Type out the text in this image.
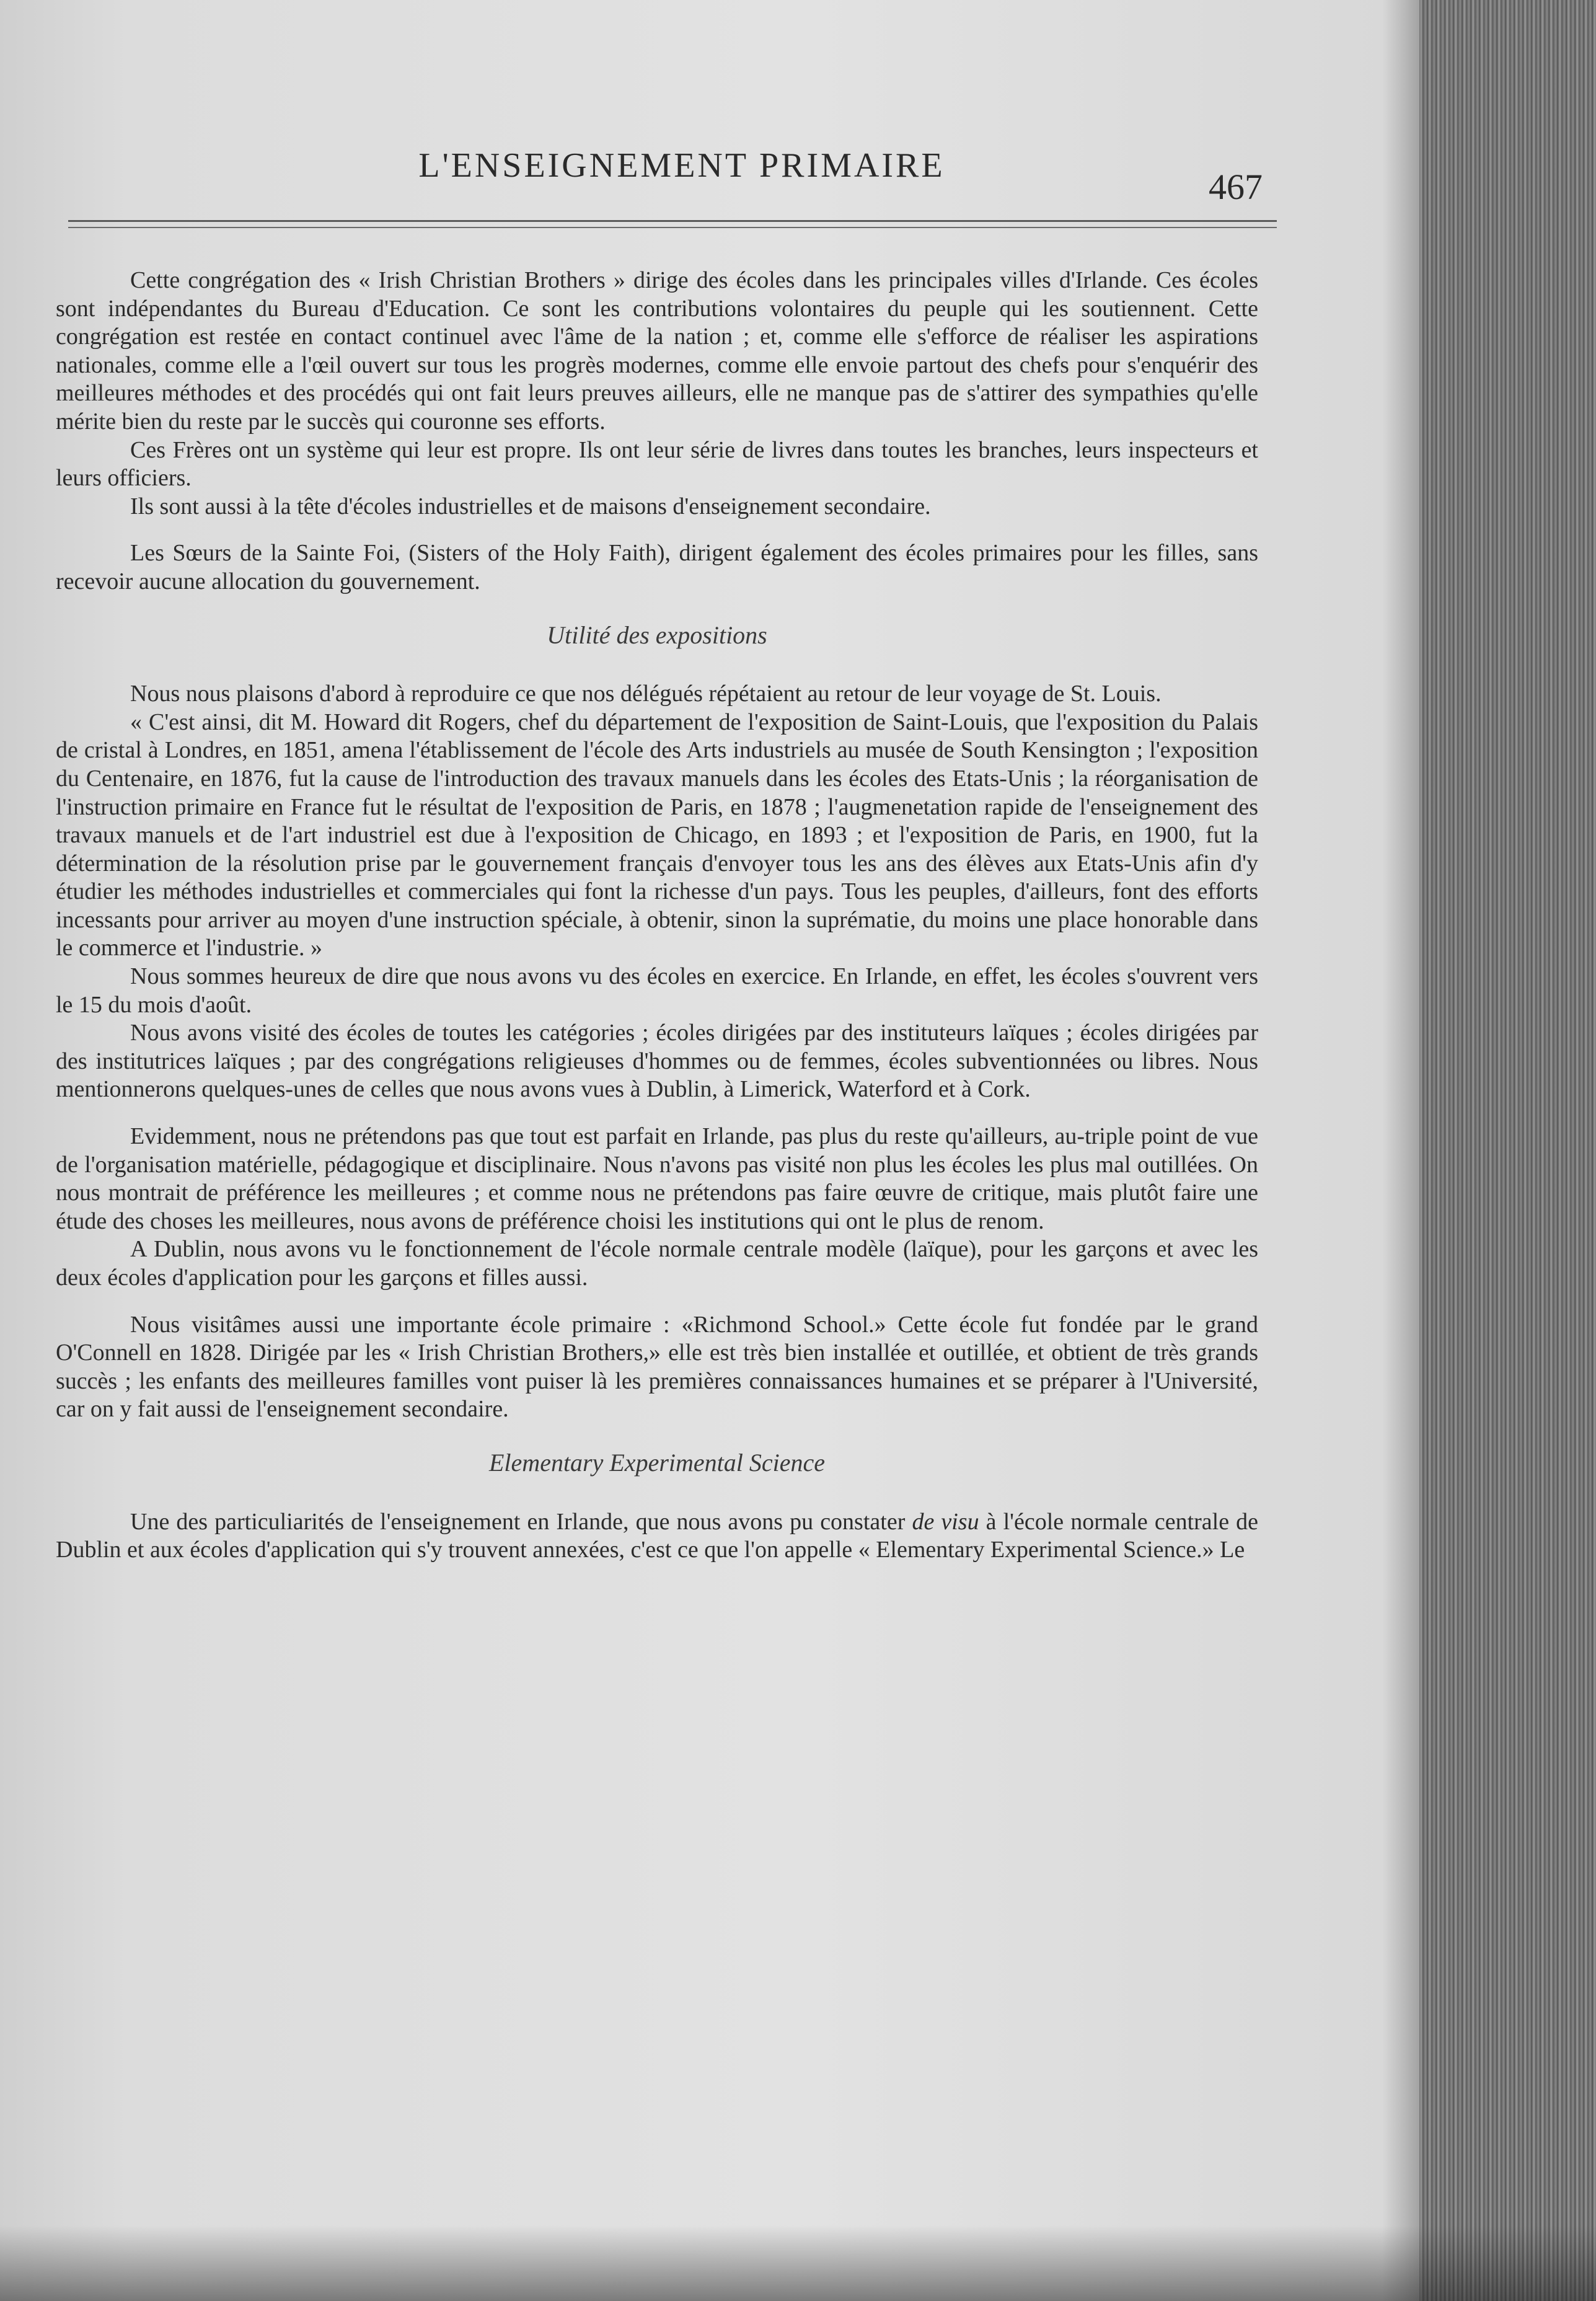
L'ENSEIGNEMENT PRIMAIRE
467

Cette congrégation des « Irish Christian Brothers » dirige des écoles dans les principales villes d'Irlande. Ces écoles sont indépendantes du Bureau d'Education. Ce sont les contributions volontaires du peuple qui les soutiennent. Cette congrégation est restée en contact continuel avec l'âme de la nation ; et, comme elle s'efforce de réaliser les aspirations nationales, comme elle a l'œil ouvert sur tous les progrès modernes, comme elle envoie partout des chefs pour s'enquérir des meilleures méthodes et des procédés qui ont fait leurs preuves ailleurs, elle ne manque pas de s'attirer des sympathies qu'elle mérite bien du reste par le succès qui couronne ses efforts.

Ces Frères ont un système qui leur est propre. Ils ont leur série de livres dans toutes les branches, leurs inspecteurs et leurs officiers.

Ils sont aussi à la tête d'écoles industrielles et de maisons d'enseignement secondaire.

Les Sœurs de la Sainte Foi, (Sisters of the Holy Faith), dirigent également des écoles primaires pour les filles, sans recevoir aucune allocation du gouvernement.

Utilité des expositions

Nous nous plaisons d'abord à reproduire ce que nos délégués répétaient au retour de leur voyage de St. Louis.

« C'est ainsi, dit M. Howard dit Rogers, chef du département de l'exposition de Saint-Louis, que l'exposition du Palais de cristal à Londres, en 1851, amena l'établissement de l'école des Arts industriels au musée de South Kensington ; l'exposition du Centenaire, en 1876, fut la cause de l'introduction des travaux manuels dans les écoles des Etats-Unis ; la réorganisation de l'instruction primaire en France fut le résultat de l'exposition de Paris, en 1878 ; l'augmenetation rapide de l'enseignement des travaux manuels et de l'art industriel est due à l'exposition de Chicago, en 1893 ; et l'exposition de Paris, en 1900, fut la détermination de la résolution prise par le gouvernement français d'envoyer tous les ans des élèves aux Etats-Unis afin d'y étudier les méthodes industrielles et commerciales qui font la richesse d'un pays. Tous les peuples, d'ailleurs, font des efforts incessants pour arriver au moyen d'une instruction spéciale, à obtenir, sinon la suprématie, du moins une place honorable dans le commerce et l'industrie. »

Nous sommes heureux de dire que nous avons vu des écoles en exercice. En Irlande, en effet, les écoles s'ouvrent vers le 15 du mois d'août.

Nous avons visité des écoles de toutes les catégories ; écoles dirigées par des instituteurs laïques ; écoles dirigées par des institutrices laïques ; par des congrégations religieuses d'hommes ou de femmes, écoles subventionnées ou libres. Nous mentionnerons quelques-unes de celles que nous avons vues à Dublin, à Limerick, Waterford et à Cork.

Evidemment, nous ne prétendons pas que tout est parfait en Irlande, pas plus du reste qu'ailleurs, au-triple point de vue de l'organisation matérielle, pédagogique et disciplinaire. Nous n'avons pas visité non plus les écoles les plus mal outillées. On nous montrait de préférence les meilleures ; et comme nous ne prétendons pas faire œuvre de critique, mais plutôt faire une étude des choses les meilleures, nous avons de préférence choisi les institutions qui ont le plus de renom.

A Dublin, nous avons vu le fonctionnement de l'école normale centrale modèle (laïque), pour les garçons et avec les deux écoles d'application pour les garçons et filles aussi.

Nous visitâmes aussi une importante école primaire : «Richmond School.» Cette école fut fondée par le grand O'Connell en 1828. Dirigée par les « Irish Christian Brothers,» elle est très bien installée et outillée, et obtient de très grands succès ; les enfants des meilleures familles vont puiser là les premières connaissances humaines et se préparer à l'Université, car on y fait aussi de l'enseignement secondaire.

Elementary Experimental Science

Une des particuliarités de l'enseignement en Irlande, que nous avons pu constater de visu à l'école normale centrale de Dublin et aux écoles d'application qui s'y trouvent annexées, c'est ce que l'on appelle « Elementary Experimental Science.» Le
